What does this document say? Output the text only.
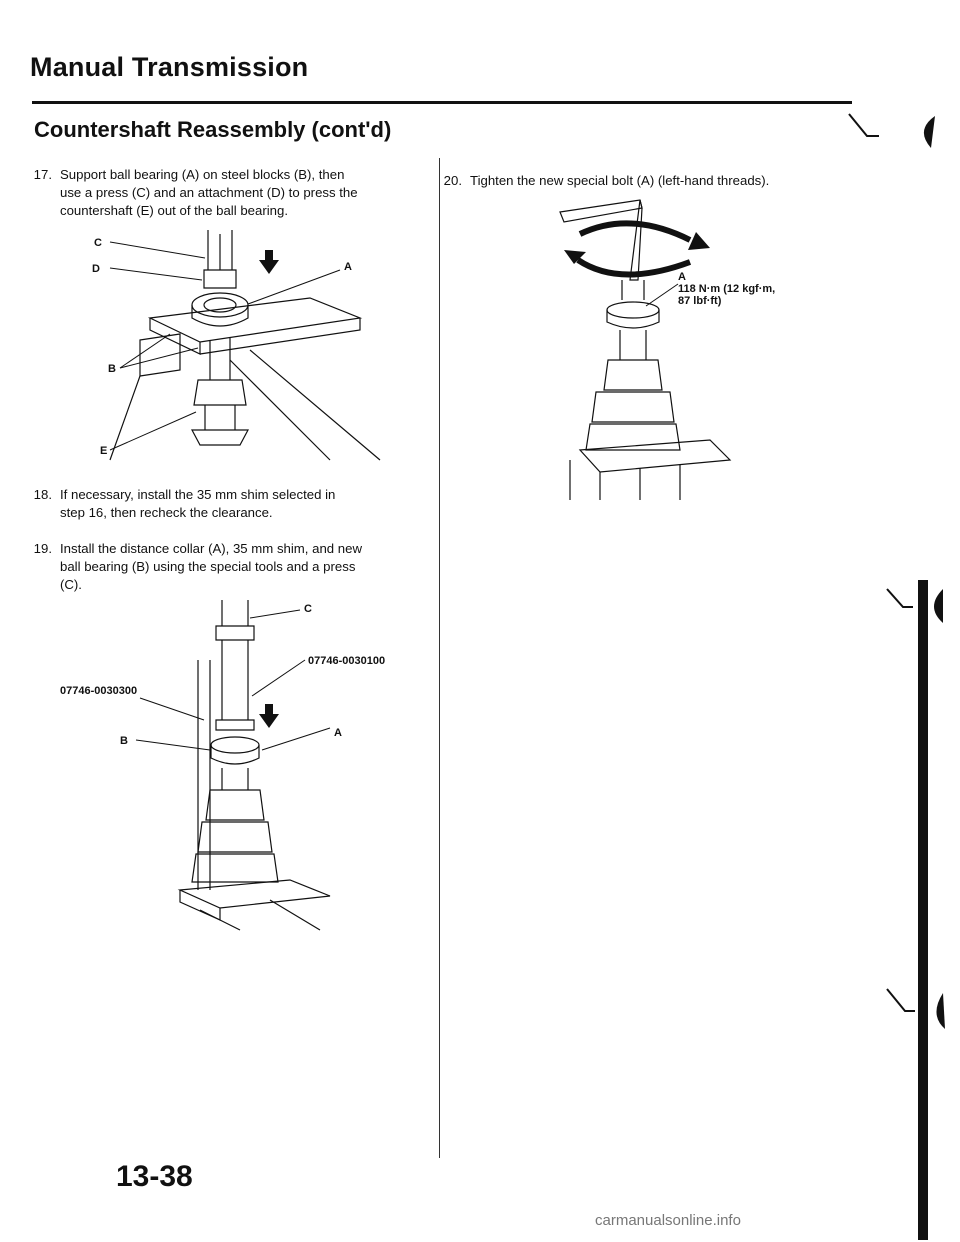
Manual Transmission
Countershaft Reassembly (cont'd)
17. Support ball bearing (A) on steel blocks (B), then
use a press (C) and an attachment (D) to press the
countershaft (E) out of the ball bearing.
C
D	A
B
E
18. If necessary, install the 35 mm shim selected in
step 16, then recheck the clearance.
19. Install the distance collar (A), 35 mm shim, and new
ball bearing (B) using the special tools and a press
(C).
C
07746-0030100
07746-0030300
B
A
20. Tighten the new special bolt (A) (left-hand threads).
A
118 N·m (12 kgf·m,
87 lbf·ft)
13-38
carmanualsonline.info
